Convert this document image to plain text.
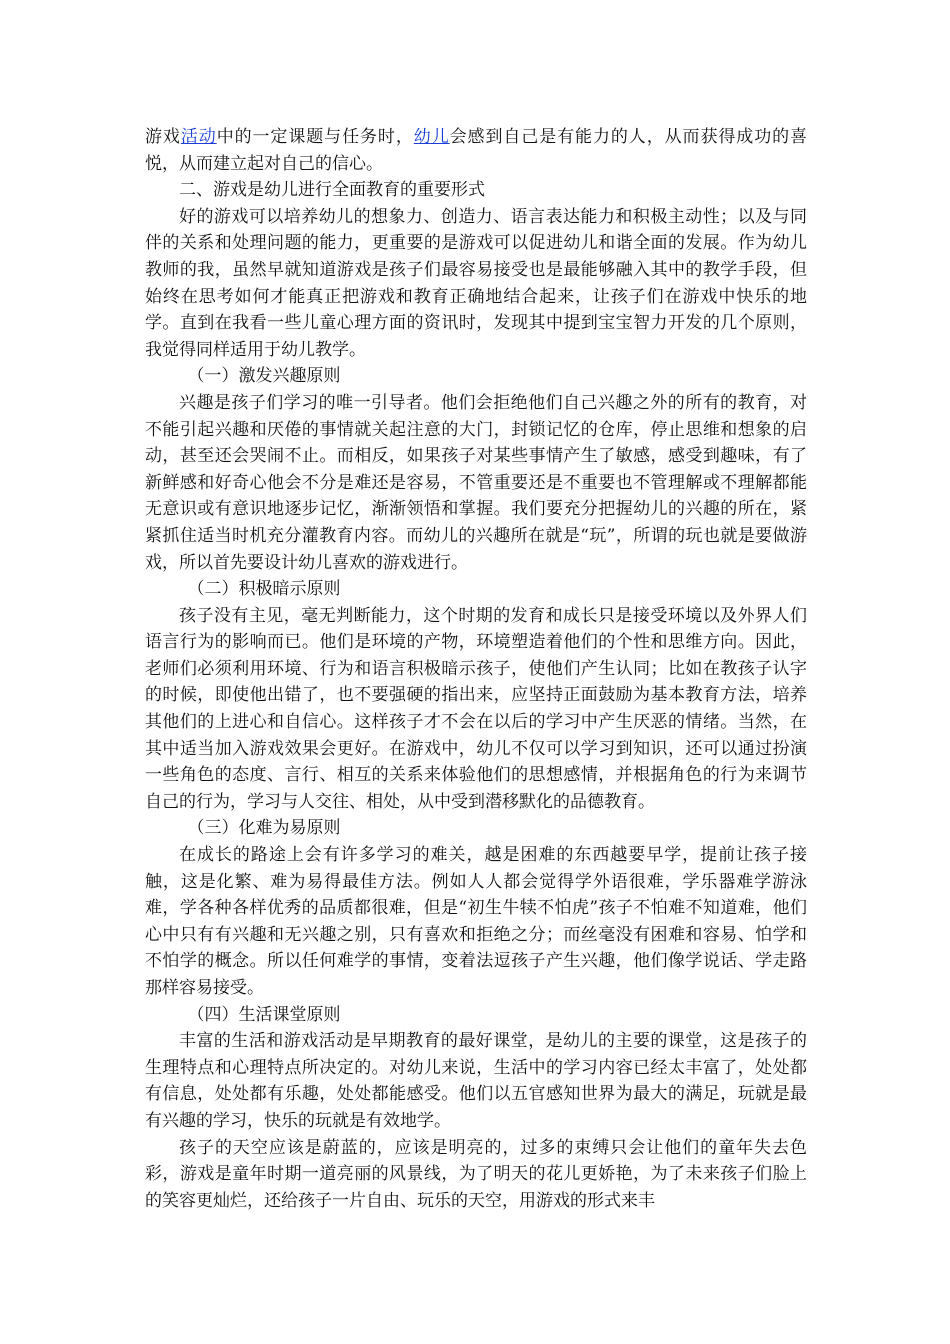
游戏活动中的一定课题与任务时，幼儿会感到自己是有能力的人，从而获得成功的喜悦，从而建立起对自己的信心。

二、游戏是幼儿进行全面教育的重要形式

好的游戏可以培养幼儿的想象力、创造力、语言表达能力和积极主动性；以及与同伴的关系和处理问题的能力，更重要的是游戏可以促进幼儿和谐全面的发展。作为幼儿教师的我，虽然早就知道游戏是孩子们最容易接受也是最能够融入其中的教学手段，但始终在思考如何才能真正把游戏和教育正确地结合起来，让孩子们在游戏中快乐的地学。直到在我看一些儿童心理方面的资讯时，发现其中提到宝宝智力开发的几个原则，我觉得同样适用于幼儿教学。

（一）激发兴趣原则

兴趣是孩子们学习的唯一引导者。他们会拒绝他们自己兴趣之外的所有的教育，对不能引起兴趣和厌倦的事情就关起注意的大门，封锁记忆的仓库，停止思维和想象的启动，甚至还会哭闹不止。而相反，如果孩子对某些事情产生了敏感，感受到趣味，有了新鲜感和好奇心他会不分是难还是容易，不管重要还是不重要也不管理解或不理解都能无意识或有意识地逐步记忆，渐渐领悟和掌握。我们要充分把握幼儿的兴趣的所在，紧紧抓住适当时机充分灌教育内容。而幼儿的兴趣所在就是“玩”，所谓的玩也就是要做游戏，所以首先要设计幼儿喜欢的游戏进行。

（二）积极暗示原则

孩子没有主见，毫无判断能力，这个时期的发育和成长只是接受环境以及外界人们语言行为的影响而已。他们是环境的产物，环境塑造着他们的个性和思维方向。因此，老师们必须利用环境、行为和语言积极暗示孩子，使他们产生认同；比如在教孩子认字的时候，即使他出错了，也不要强硬的指出来，应坚持正面鼓励为基本教育方法，培养其他们的上进心和自信心。这样孩子才不会在以后的学习中产生厌恶的情绪。当然，在其中适当加入游戏效果会更好。在游戏中，幼儿不仅可以学习到知识，还可以通过扮演一些角色的态度、言行、相互的关系来体验他们的思想感情，并根据角色的行为来调节自己的行为，学习与人交往、相处，从中受到潜移默化的品德教育。

（三）化难为易原则

在成长的路途上会有许多学习的难关，越是困难的东西越要早学，提前让孩子接触，这是化繁、难为易得最佳方法。例如人人都会觉得学外语很难，学乐器难学游泳难，学各种各样优秀的品质都很难，但是“初生牛犊不怕虎”孩子不怕难不知道难，他们心中只有有兴趣和无兴趣之别，只有喜欢和拒绝之分；而丝毫没有困难和容易、怕学和不怕学的概念。所以任何难学的事情，变着法逗孩子产生兴趣，他们像学说话、学走路那样容易接受。

（四）生活课堂原则

丰富的生活和游戏活动是早期教育的最好课堂，是幼儿的主要的课堂，这是孩子的生理特点和心理特点所决定的。对幼儿来说，生活中的学习内容已经太丰富了，处处都有信息，处处都有乐趣，处处都能感受。他们以五官感知世界为最大的满足，玩就是最有兴趣的学习，快乐的玩就是有效地学。

孩子的天空应该是蔚蓝的，应该是明亮的，过多的束缚只会让他们的童年失去色彩，游戏是童年时期一道亮丽的风景线，为了明天的花儿更娇艳，为了未来孩子们脸上的笑容更灿烂，还给孩子一片自由、玩乐的天空，用游戏的形式来丰
